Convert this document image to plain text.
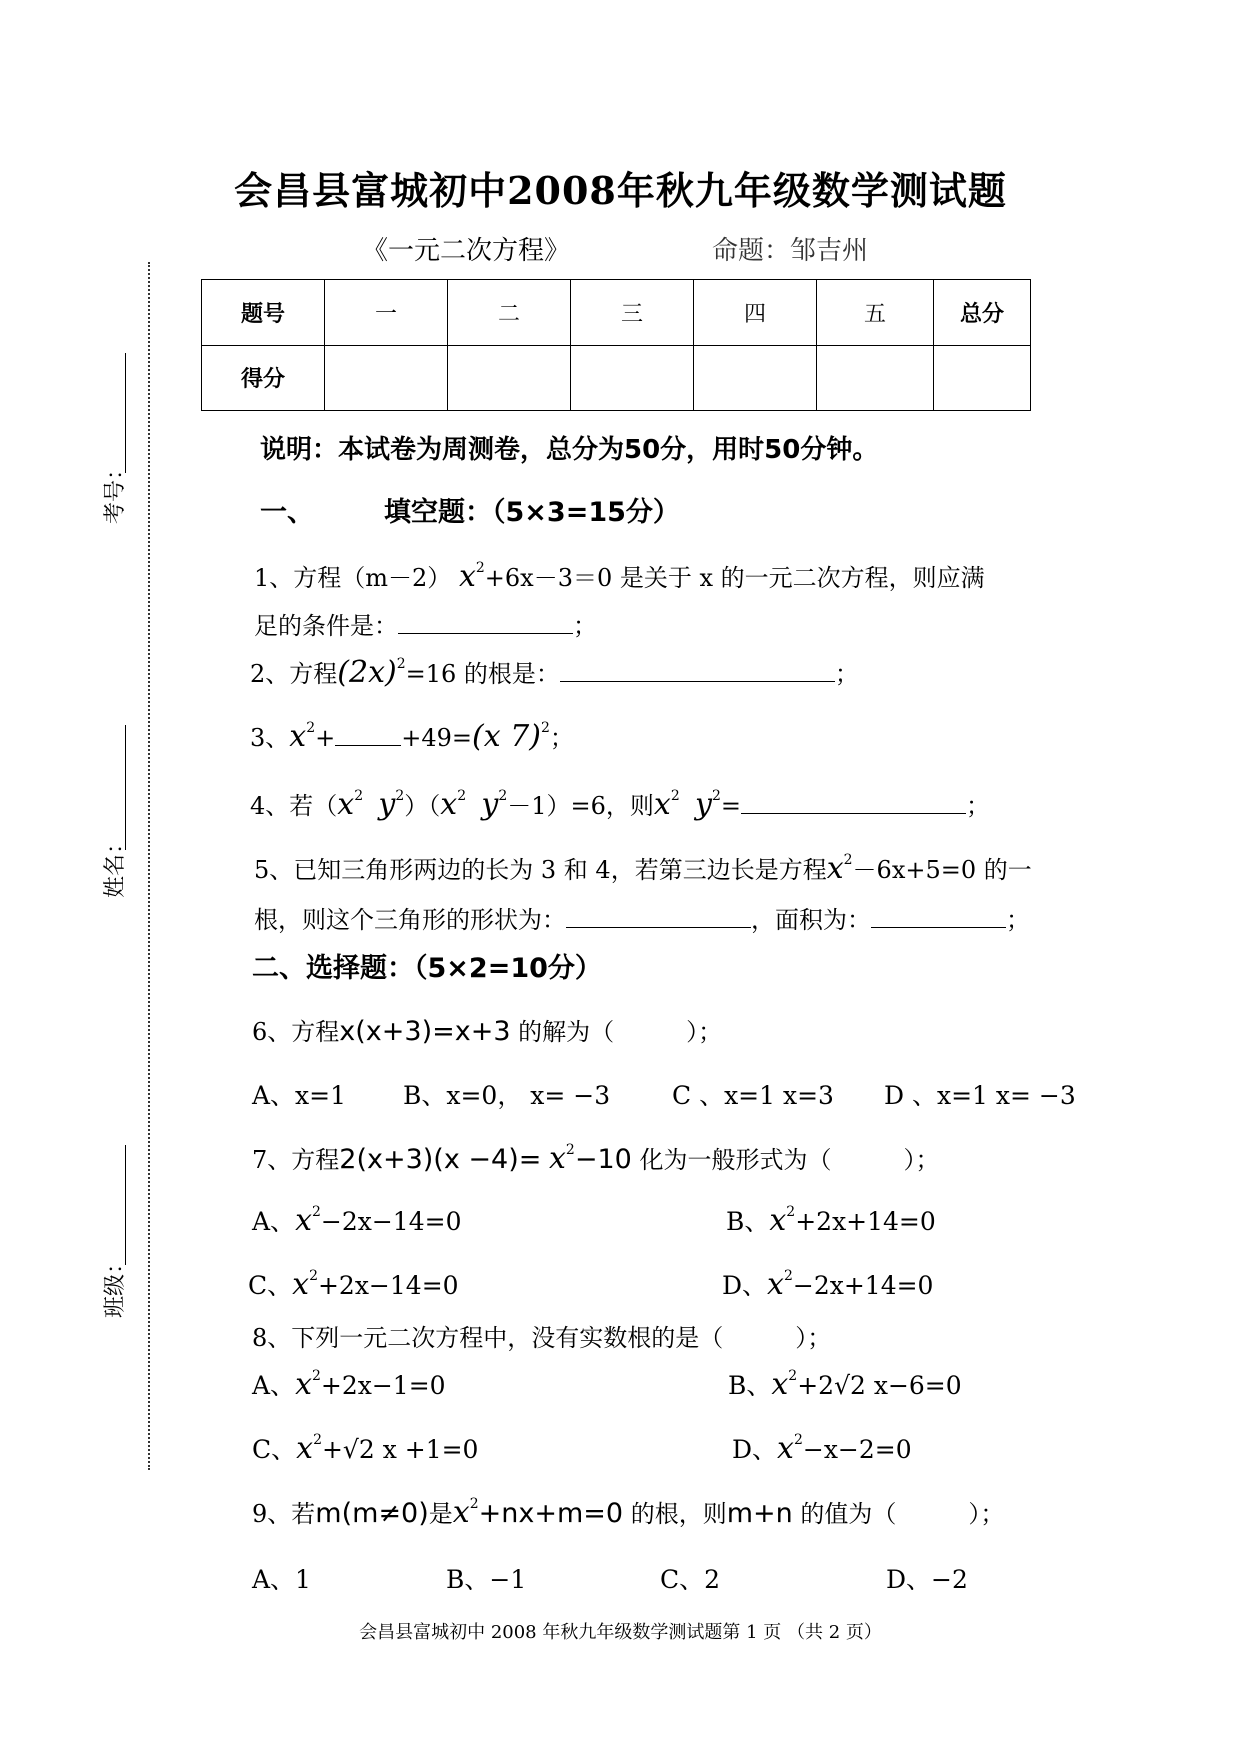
会昌县富城初中2008年秋九年级数学测试题
《一元二次方程》	命题：邹吉州
考号：
姓名：
班级：
题号	一	二	三	四	五	总分
得分						
说明：本试卷为周测卷，总分为50分，用时50分钟。
一、	填空题：（5×3=15分）
1、方程（m－2） $x^2+6x-3=0$ 是关于 x 的一元二次方程，则应满
足的条件是：	；
2、方程$(2x)^2=16$ 的根是：	；
3、$x^2+$	+49=(x 7)$^2$；
4、若（$x^2$ $y^2)(x^2$ $y^2-1)=6$，则$x^2$ $y^2=$	；
5、已知三角形两边的长为 3 和 4，若第三边长是方程$x^2-6x+5=0$ 的一
根，则这个三角形的形状为：	，面积为：	；
二、选择题：（5×2=10分）
6、方程x(x+3)=x+3 的解为（　　　）；
A、x=1 B、x=0， x= −3 C 、x=1 x=3 D 、x=1 x= −3
7、方程$2(x+3)(x -4)= x^2-10$ 化为一般形式为（　　　）；
A、$x^2-2x-14=0$	B、$x^2+2x+14=0$
C、$x^2+2x-14=0$	D、$x^2-2x+14=0$
8、下列一元二次方程中，没有实数根的是（　　　）；
A、$x^2+2x-1=0$	B、$x^2+2√2$ x−6=0
C、$x^2+√2$ x +1=0	D、$x^2-x-2=0$
9、若m(m≠0)是$x^2+nx+m=0$ 的根，则m+n 的值为（　　　）；
A、1	B、−1	C、2	D、−2
会昌县富城初中 2008 年秋九年级数学测试题第 1 页 （共 2 页）
